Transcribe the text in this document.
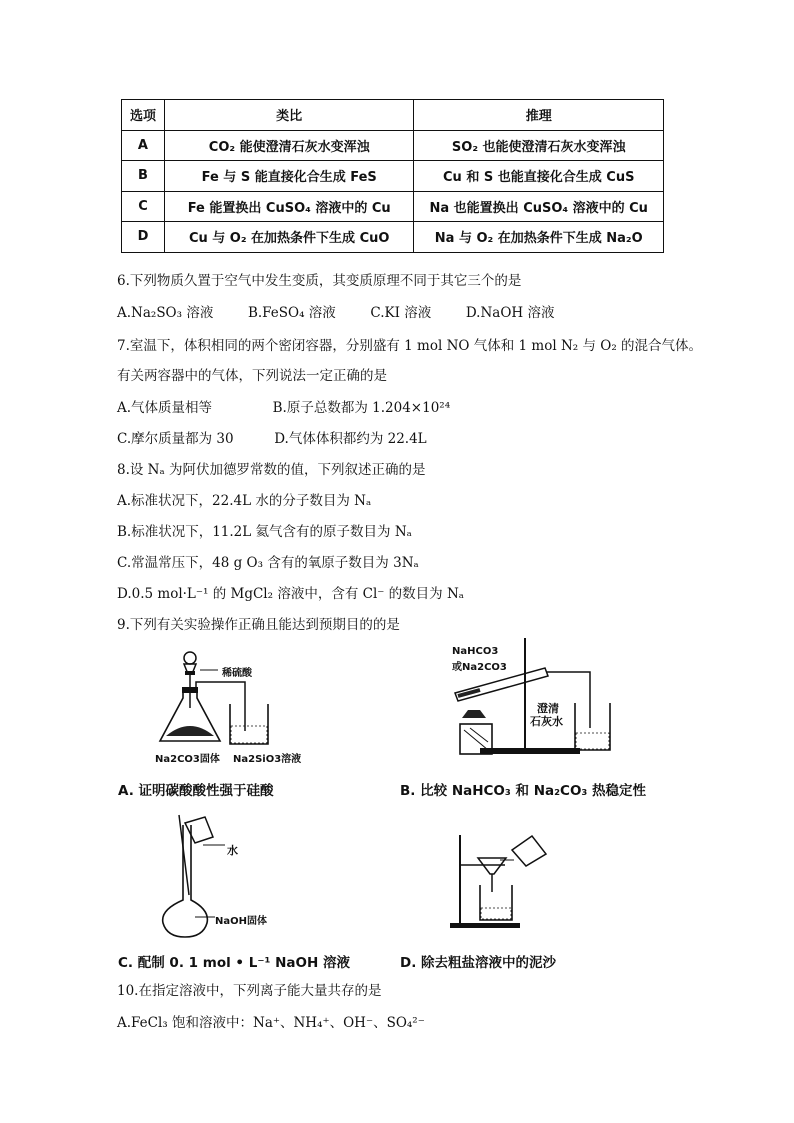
选项	类比	推理
A	CO₂ 能使澄清石灰水变浑浊	SO₂ 也能使澄清石灰水变浑浊
B	Fe 与 S 能直接化合生成 FeS	Cu 和 S 也能直接化合生成 CuS
C	Fe 能置换出 CuSO₄ 溶液中的 Cu	Na 也能置换出 CuSO₄ 溶液中的 Cu
D	Cu 与 O₂ 在加热条件下生成 CuO	Na 与 O₂ 在加热条件下生成 Na₂O
6.下列物质久置于空气中发生变质，其变质原理不同于其它三个的是
A.Na₂SO₃ 溶液	B.FeSO₄ 溶液	C.KI 溶液	D.NaOH 溶液
7.室温下，体积相同的两个密闭容器，分别盛有 1 mol NO 气体和 1 mol N₂ 与 O₂ 的混合气体。
有关两容器中的气体，下列说法一定正确的是
A.气体质量相等	B.原子总数都为 1.204×10²⁴
C.摩尔质量都为 30	D.气体体积都约为 22.4L
8.设 Nₐ 为阿伏加德罗常数的值，下列叙述正确的是
A.标准状况下，22.4L 水的分子数目为 Nₐ
B.标准状况下，11.2L 氦气含有的原子数目为 Nₐ
C.常温常压下，48 g O₃ 含有的氧原子数目为 3Nₐ
D.0.5 mol·L⁻¹ 的 MgCl₂ 溶液中，含有 Cl⁻ 的数目为 Nₐ
9.下列有关实验操作正确且能达到预期目的的是
稀硫酸
Na2CO3固体 Na2SiO3溶液
A. 证明碳酸酸性强于硅酸
NaHCO3
或Na2CO3
澄清
石灰水
B. 比较 NaHCO₃ 和 Na₂CO₃ 热稳定性
水
NaOH固体
C. 配制 0. 1 mol • L⁻¹ NaOH 溶液	D. 除去粗盐溶液中的泥沙
10.在指定溶液中，下列离子能大量共存的是
A.FeCl₃ 饱和溶液中：Na⁺、NH₄⁺、OH⁻、SO₄²⁻
